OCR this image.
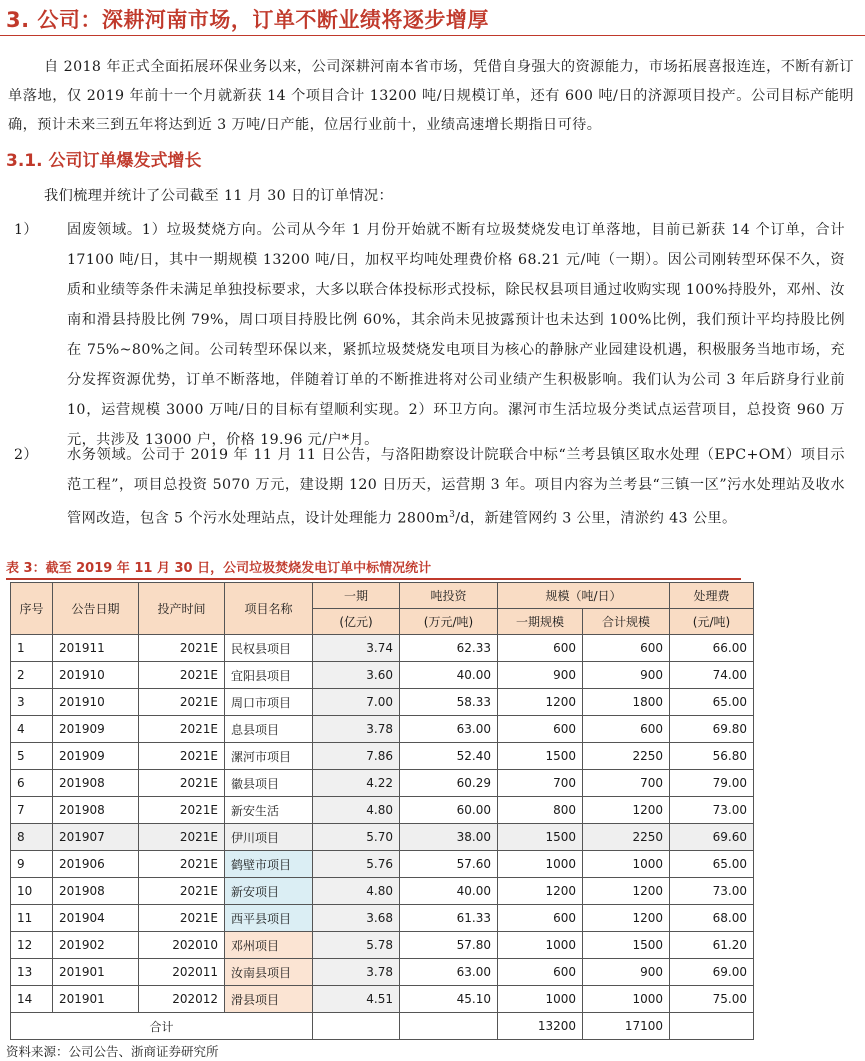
3. 公司：深耕河南市场，订单不断业绩将逐步增厚

自 2018 年正式全面拓展环保业务以来，公司深耕河南本省市场，凭借自身强大的资源能力，市场拓展喜报连连，不断有新订单落地，仅 2019 年前十一个月就新获 14 个项目合计 13200 吨/日规模订单，还有 600 吨/日的济源项目投产。公司目标产能明确，预计未来三到五年将达到近 3 万吨/日产能，位居行业前十，业绩高速增长期指日可待。

3.1. 公司订单爆发式增长

我们梳理并统计了公司截至 11 月 30 日的订单情况：

1）	固废领域。1）垃圾焚烧方向。公司从今年 1 月份开始就不断有垃圾焚烧发电订单落地，目前已新获 14 个订单，合计 17100 吨/日，其中一期规模 13200 吨/日，加权平均吨处理费价格 68.21 元/吨（一期）。因公司刚转型环保不久，资质和业绩等条件未满足单独投标要求，大多以联合体投标形式投标，除民权县项目通过收购实现 100%持股外，邓州、汝南和滑县持股比例 79%，周口项目持股比例 60%，其余尚未见披露预计也未达到 100%比例，我们预计平均持股比例在 75%~80%之间。公司转型环保以来，紧抓垃圾焚烧发电项目为核心的静脉产业园建设机遇，积极服务当地市场，充分发挥资源优势，订单不断落地，伴随着订单的不断推进将对公司业绩产生积极影响。我们认为公司 3 年后跻身行业前 10，运营规模 3000 万吨/日的目标有望顺利实现。2）环卫方向。漯河市生活垃圾分类试点运营项目，总投资 960 万元，共涉及 13000 户，价格 19.96 元/户*月。

2）	水务领域。公司于 2019 年 11 月 11 日公告，与洛阳勘察设计院联合中标“兰考县镇区取水处理（EPC+OM）项目示范工程”，项目总投资 5070 万元，建设期 120 日历天，运营期 3 年。项目内容为兰考县“三镇一区”污水处理站及收水管网改造，包含 5 个污水处理站点，设计处理能力 $2800m^3/d$，新建管网约 3 公里，清淤约 43 公里。

表 3：截至 2019 年 11 月 30 日，公司垃圾焚烧发电订单中标情况统计

序号	公告日期	投产时间	项目名称	一期	吨投资	规模（吨/日）		处理费
				(亿元)	(万元/吨)	一期规模	合计规模	(元/吨)
1	201911	2021E	民权县项目	3.74	62.33	600	600	66.00
2	201910	2021E	宜阳县项目	3.60	40.00	900	900	74.00
3	201910	2021E	周口市项目	7.00	58.33	1200	1800	65.00
4	201909	2021E	息县项目	3.78	63.00	600	600	69.80
5	201909	2021E	漯河市项目	7.86	52.40	1500	2250	56.80
6	201908	2021E	徽县项目	4.22	60.29	700	700	79.00
7	201908	2021E	新安生活	4.80	60.00	800	1200	73.00
8	201907	2021E	伊川项目	5.70	38.00	1500	2250	69.60
9	201906	2021E	鹤壁市项目	5.76	57.60	1000	1000	65.00
10	201908	2021E	新安项目	4.80	40.00	1200	1200	73.00
11	201904	2021E	西平县项目	3.68	61.33	600	1200	68.00
12	201902	202010	邓州项目	5.78	57.80	1000	1500	61.20
13	201901	202011	汝南县项目	3.78	63.00	600	900	69.00
14	201901	202012	滑县项目	4.51	45.10	1000	1000	75.00
合计						13200	17100	

资料来源：公司公告、浙商证券研究所
